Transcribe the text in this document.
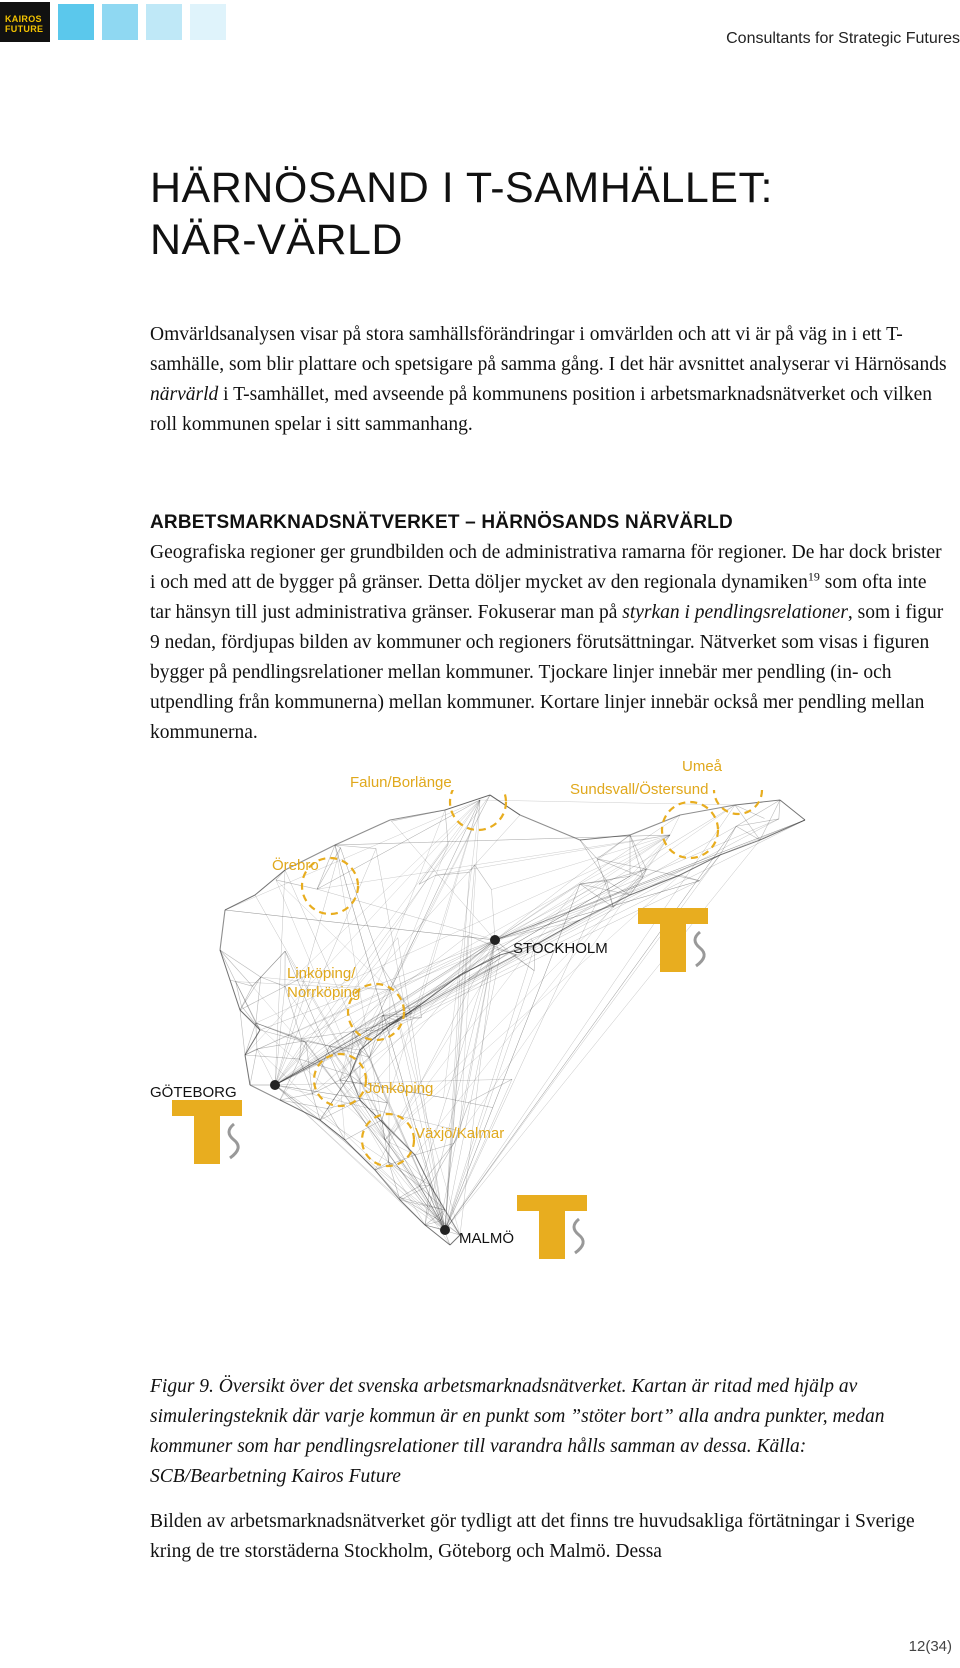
KAIROS
FUTURE
Consultants for Strategic Futures
HÄRNÖSAND I T-SAMHÄLLET: NÄR-VÄRLD

Omvärldsanalysen visar på stora samhällsförändringar i omvärlden och att vi är på väg in i ett T-samhälle, som blir plattare och spetsigare på samma gång. I det här avsnittet analyserar vi Härnösands närvärld i T-samhället, med avseende på kommunens position i arbetsmarknadsnätverket och vilken roll kommunen spelar i sitt sammanhang.

ARBETSMARKNADSNÄTVERKET – HÄRNÖSANDS NÄRVÄRLD

Geografiska regioner ger grundbilden och de administrativa ramarna för regioner. De har dock brister i och med att de bygger på gränser. Detta döljer mycket av den regionala dynamiken$^{19}$ som ofta inte tar hänsyn till just administrativa gränser. Fokuserar man på styrkan i pendlingsrelationer, som i figur 9 nedan, fördjupas bilden av kommuner och regioners förutsättningar. Nätverket som visas i figuren bygger på pendlingsrelationer mellan kommuner. Tjockare linjer innebär mer pendling (in- och utpendling från kommunerna) mellan kommuner. Kortare linjer innebär också mer pendling mellan kommunerna.

Falun/Borlänge
Umeå
Sundsvall/Östersund
Örebro
Linköping/
Norrköping
Jönköping
Växjö/Kalmar
STOCKHOLM
GÖTEBORG
MALMÖ

Figur 9. Översikt över det svenska arbetsmarknadsnätverket. Kartan är ritad med hjälp av simuleringsteknik där varje kommun är en punkt som ”stöter bort” alla andra punkter, medan kommuner som har pendlingsrelationer till varandra hålls samman av dessa. Källa: SCB/Bearbetning Kairos Future

Bilden av arbetsmarknadsnätverket gör tydligt att det finns tre huvudsakliga förtätningar i Sverige kring de tre storstäderna Stockholm, Göteborg och Malmö. Dessa

12(34)
